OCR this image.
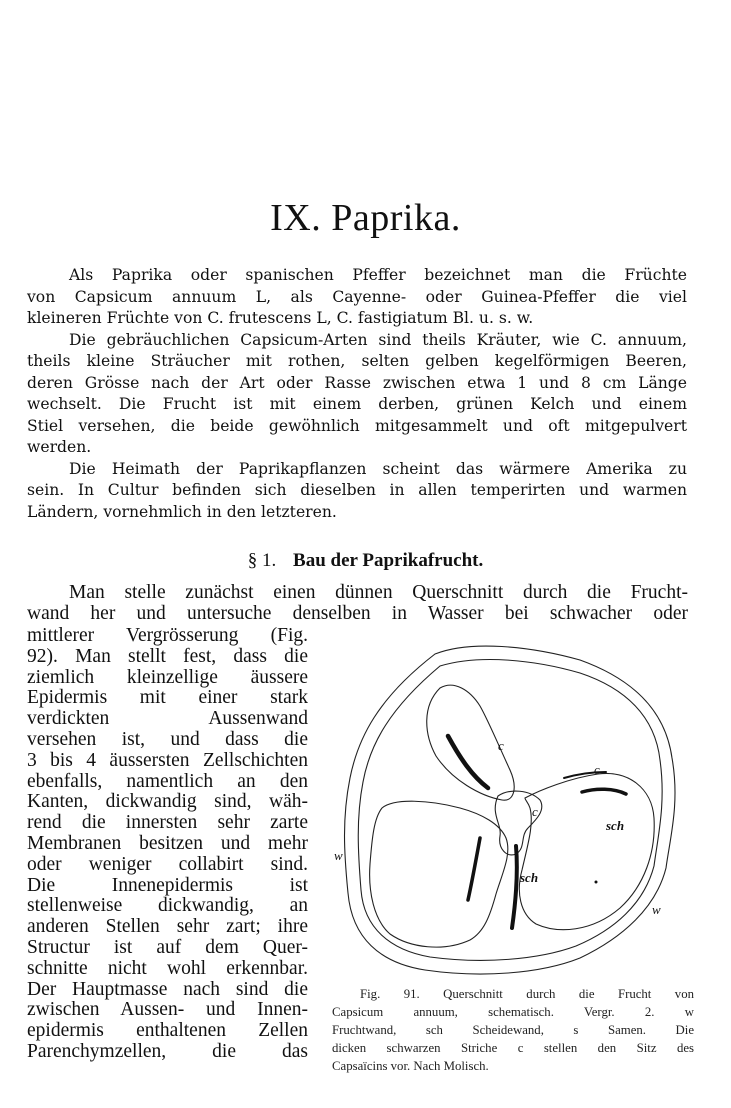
IX. Paprika.
Als Paprika oder spanischen Pfeffer bezeichnet man die Früchte
von Capsicum annuum L, als Cayenne- oder Guinea-Pfeffer die viel
kleineren Früchte von C. frutescens L, C. fastigiatum Bl. u. s. w.
Die gebräuchlichen Capsicum-Arten sind theils Kräuter, wie C. annuum,
theils kleine Sträucher mit rothen, selten gelben kegelförmigen Beeren,
deren Grösse nach der Art oder Rasse zwischen etwa 1 und 8 cm Länge
wechselt. Die Frucht ist mit einem derben, grünen Kelch und einem
Stiel versehen, die beide gewöhnlich mitgesammelt und oft mitgepulvert
werden.
Die Heimath der Paprikapflanzen scheint das wärmere Amerika zu
sein. In Cultur befinden sich dieselben in allen temperirten und warmen
Ländern, vornehmlich in den letzteren.
§ 1. Bau der Paprikafrucht.
Man stelle zunächst einen dünnen Querschnitt durch die Frucht-
wand her und untersuche denselben in Wasser bei schwacher oder
mittlerer Vergrösserung (Fig.
92). Man stellt fest, dass die
ziemlich kleinzellige äussere
Epidermis mit einer stark
verdickten Aussenwand
versehen ist, und dass die
3 bis 4 äussersten Zellschichten
ebenfalls, namentlich an den
Kanten, dickwandig sind, wäh-
rend die innersten sehr zarte
Membranen besitzen und mehr
oder weniger collabirt sind.
Die Innenepidermis ist
stellenweise dickwandig, an
anderen Stellen sehr zart; ihre
Structur ist auf dem Quer-
schnitte nicht wohl erkennbar.
Der Hauptmasse nach sind die
zwischen Aussen- und Innen-
epidermis enthaltenen Zellen
Parenchymzellen, die das
c
c
c
sch
sch
w
w
Fig. 91. Querschnitt durch die Frucht von
Capsicum annuum, schematisch. Vergr. 2. w
Fruchtwand, sch Scheidewand, s Samen. Die
dicken schwarzen Striche c stellen den Sitz des
Capsaïcins vor. Nach Molisch.
